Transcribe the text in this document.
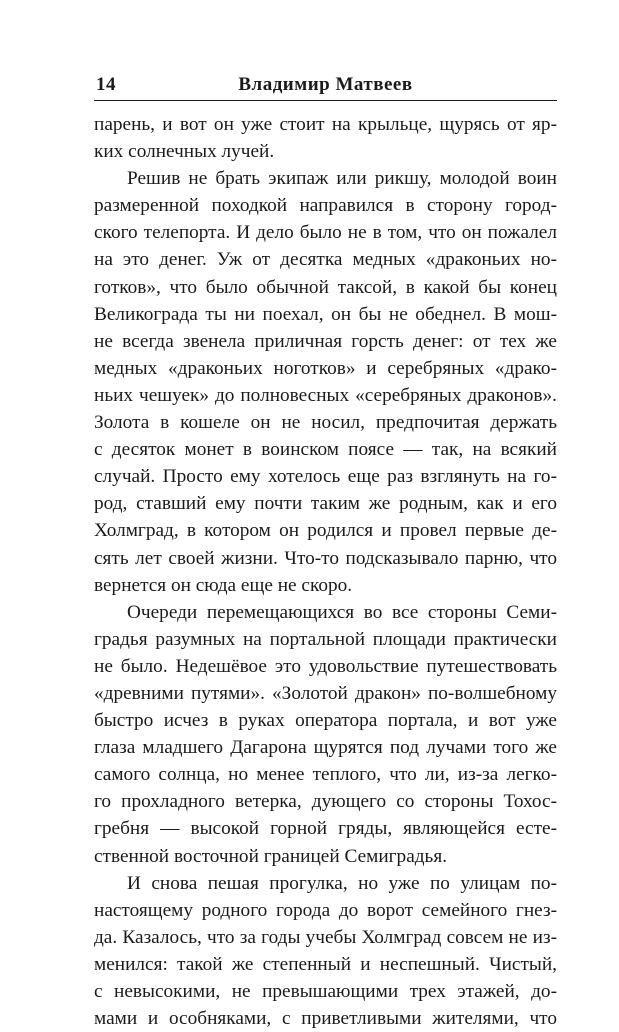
14	Владимир Матвеев
парень, и вот он уже стоит на крыльце, щурясь от яр-
ких солнечных лучей.
Решив не брать экипаж или рикшу, молодой воин
размеренной походкой направился в сторону город-
ского телепорта. И дело было не в том, что он пожалел
на это денег. Уж от десятка медных «драконьих но-
готков», что было обычной таксой, в какой бы конец
Великограда ты ни поехал, он бы не обеднел. В мош-
не всегда звенела приличная горсть денег: от тех же
медных «драконьих ноготков» и серебряных «драко-
ньих чешуек» до полновесных «серебряных драконов».
Золота в кошеле он не носил, предпочитая держать
с десяток монет в воинском поясе — так, на всякий
случай. Просто ему хотелось еще раз взглянуть на го-
род, ставший ему почти таким же родным, как и его
Холмград, в котором он родился и провел первые де-
сять лет своей жизни. Что-то подсказывало парню, что
вернется он сюда еще не скоро.
Очереди перемещающихся во все стороны Семи-
градья разумных на портальной площади практически
не было. Недешёвое это удовольствие путешествовать
«древними путями». «Золотой дракон» по-волшебному
быстро исчез в руках оператора портала, и вот уже
глаза младшего Дагарона щурятся под лучами того же
самого солнца, но менее теплого, что ли, из-за легко-
го прохладного ветерка, дующего со стороны Тохос-
гребня — высокой горной гряды, являющейся есте-
ственной восточной границей Семиградья.
И снова пешая прогулка, но уже по улицам по-
настоящему родного города до ворот семейного гнез-
да. Казалось, что за годы учебы Холмград совсем не из-
менился: такой же степенный и неспешный. Чистый,
с невысокими, не превышающими трех этажей, до-
мами и особняками, с приветливыми жителями, что
